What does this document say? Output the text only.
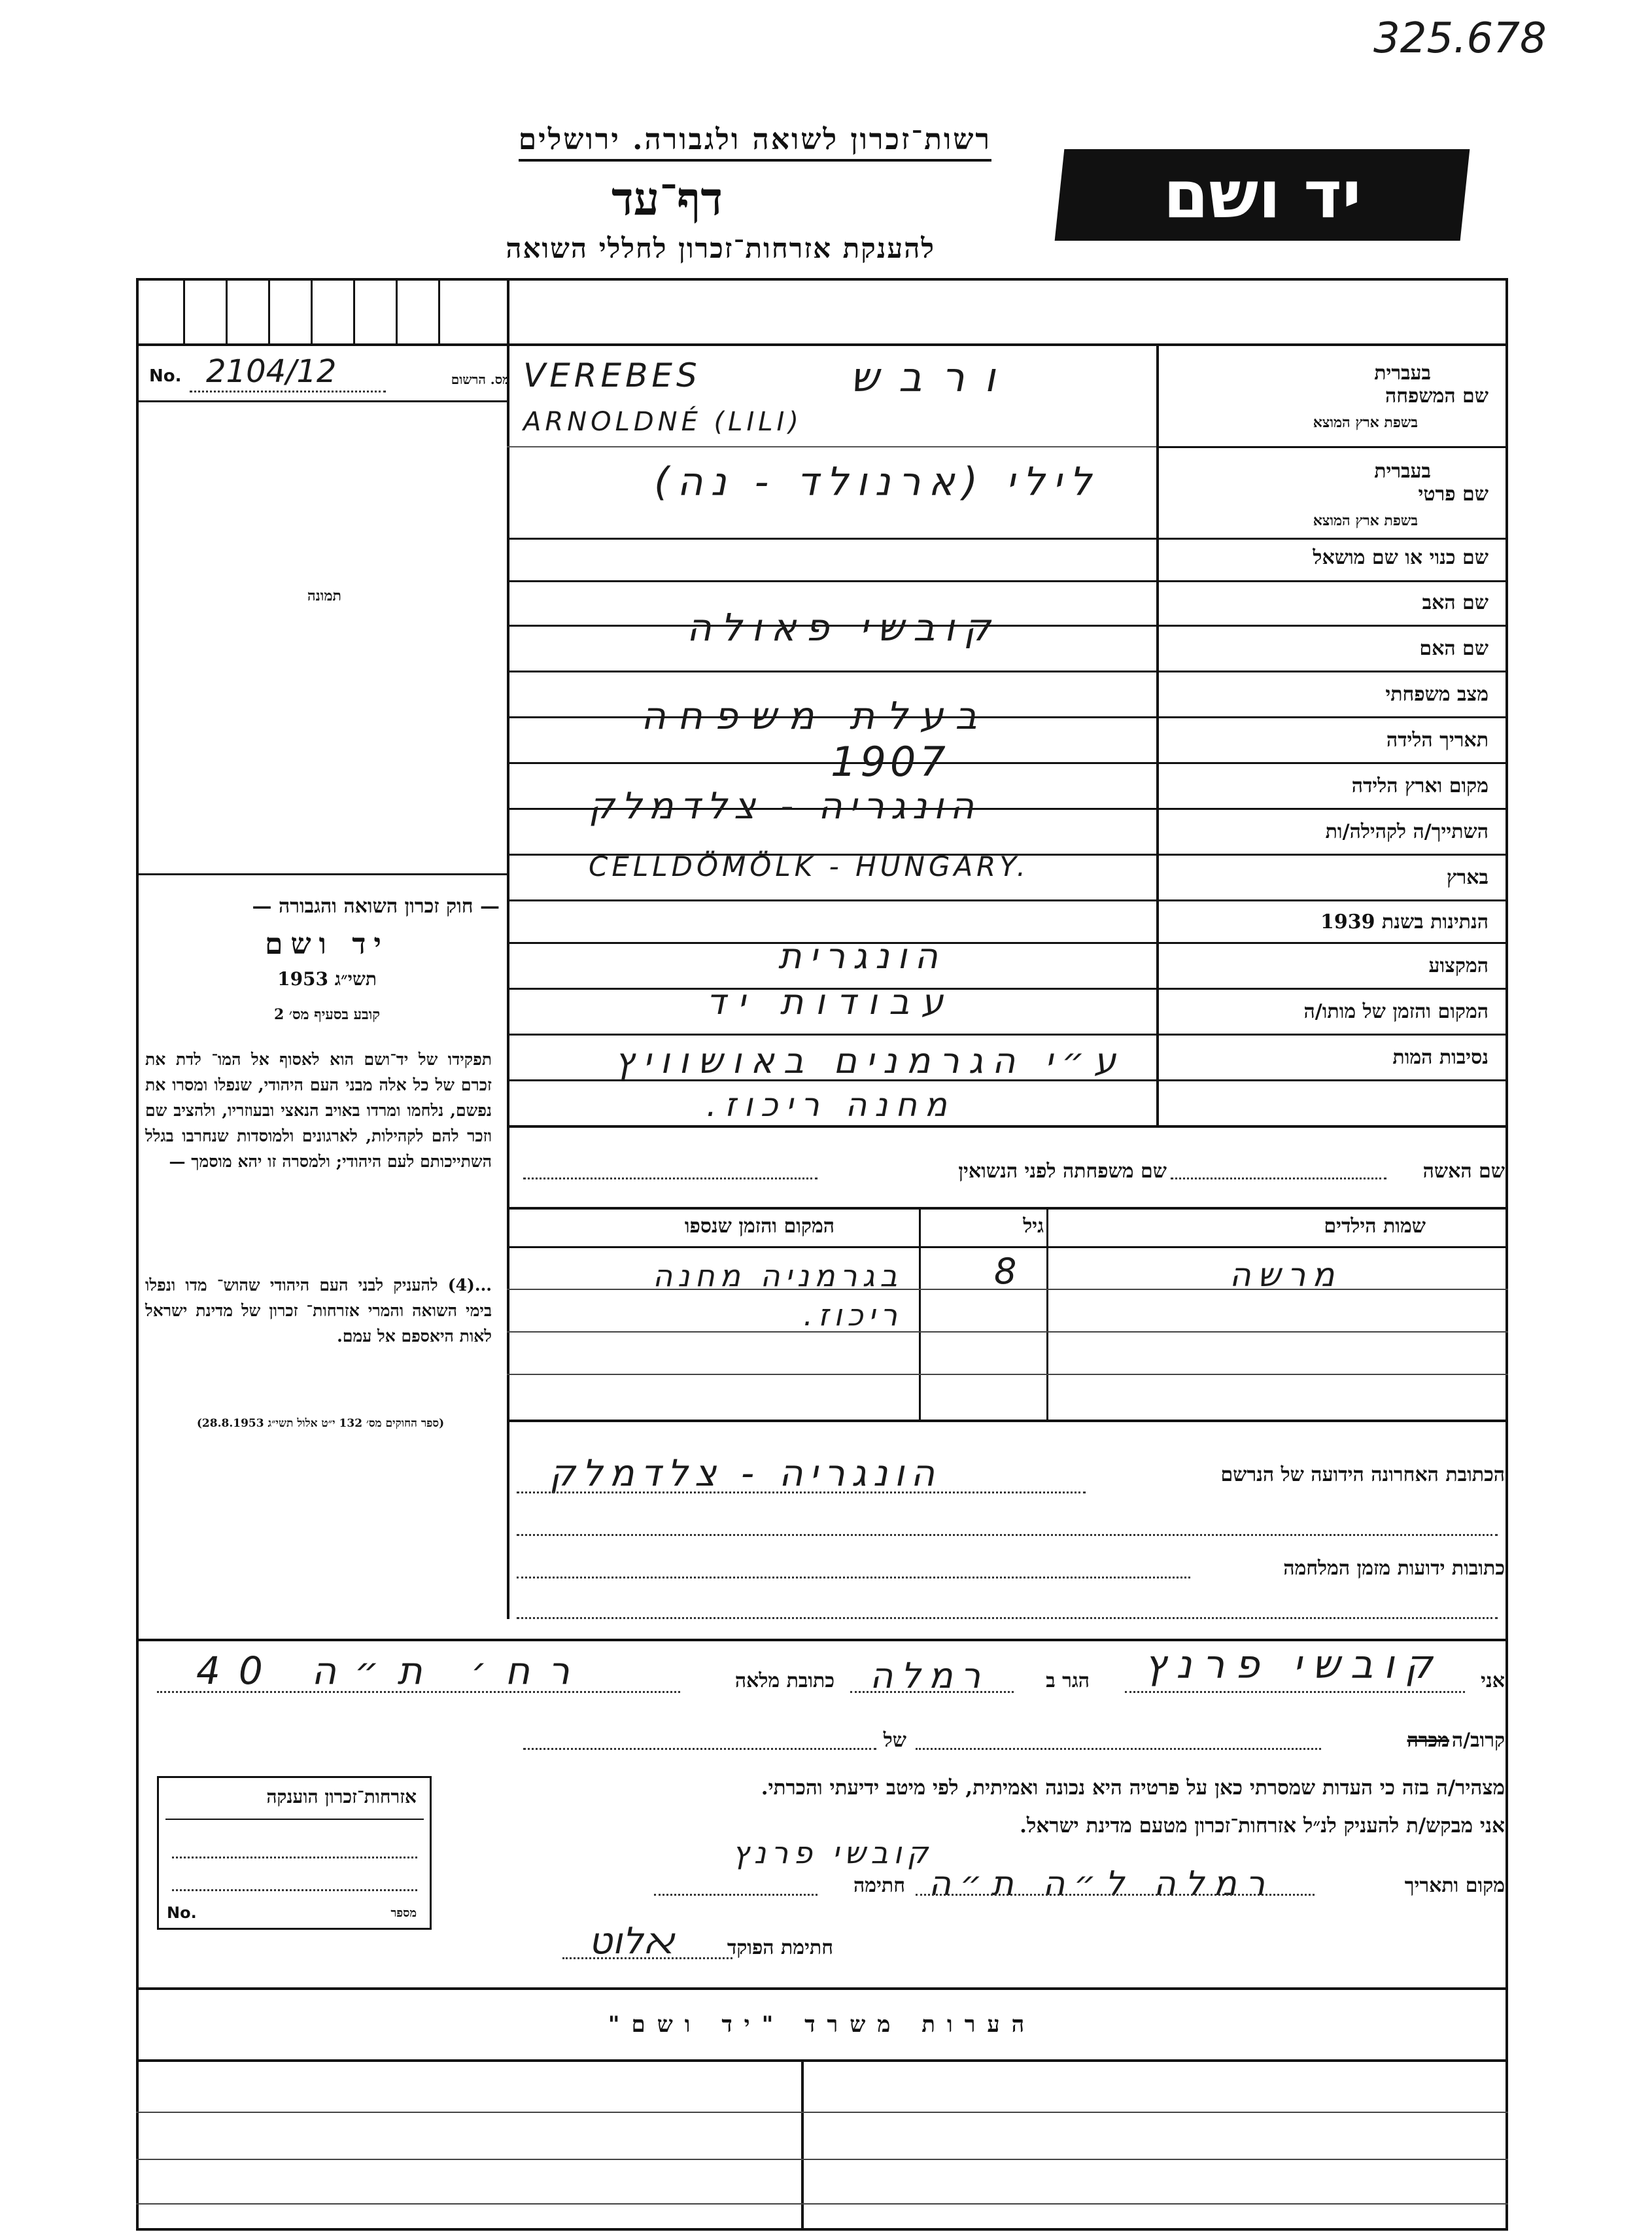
325.678
יד ושם
רשות־זכרון לשואה ולגבורה. ירושלים
דף־עד
להענקת אזרחות־זכרון לחללי השואה
מס. הרשום
No. 2104/12
תמונה
— חוק זכרון השואה והגבורה —
יד ושם
תשי״ג 1953
קובע בסעיף מס׳ 2
תפקידו של יד־ושם הוא לאסוף אל המו־ לדת את זכרם של כל אלה מבני העם היהודי, שנפלו ומסרו את נפשם, נלחמו ומרדו באויב הנאצי ובעוזריו, ולהציב שם וזכר להם לקהילות, לארגונים ולמוסדות שנחרבו בגלל השתייכותם לעם היהודי; ולמסרה זו יהא מוסמך —
...(4) להעניק לבני העם היהודי שהוש־ מדו ונפלו בימי השואה והמרי אזרחות־ זכרון של מדינת ישראל לאות היאספם אל עמם.
(ספר החוקים מס׳ 132 י״ט אלול תשי״ג 28.8.1953)
בעברית
שם המשפחה
בשפת ארץ המוצא
בעברית
שם פרטי
בשפת ארץ המוצא
שם כנוי או שם מושאל
שם האב
שם האם
מצב משפחתי
תאריך הלידה
מקום וארץ הלידה
השתייך/ה לקהילה/ות
בארץ
הנתינות בשנת 1939
המקצוע
המקום והזמן של מותו/ה
נסיבות המות
VEREBES	ורבש
ARNOLDNÉ (LILI)
לילי (ארנולד - נה)
קובשי פאולה
בעלת משפחה
1907
הונגריה - צלדמלק
CELLDÖMÖLK - HUNGARY.
הונגרית
עבודות יד
ע״י הגרמנים באושוויץ
מחנה ריכוז.
שם האשה
שם משפחתה לפני הנשואין
שמות הילדים
גיל
המקום והזמן שנספו
מרשה
8
בגרמניה מחנה ריכוז.
הכתובת האחרונה הידועה של הנרשם
הונגריה - צלדמלק
כתובות ידועות מזמן המלחמה
אני
קובשי פרנץ
הגר ב
רמלה
כתובת מלאה
רח׳ ת״ה 40
קרוב/ה
מכרה
של
מצהיר/ה בזה כי העדות שמסרתי כאן על פרטיה היא נכונה ואמיתית, לפי מיטב ידיעתי והכרתי.
אני מבקש/ת להעניק לנ״ל אזרחות־זכרון מטעם מדינת ישראל.
קובשי פרנץ
מקום ותאריך
רמלה ל״ה ת״ה
חתימה
חתימת הפוקד
ﬡלוט
אזרחות־זכרון הוענקה
No.	מספר
הערות משרד "יד ושם"
